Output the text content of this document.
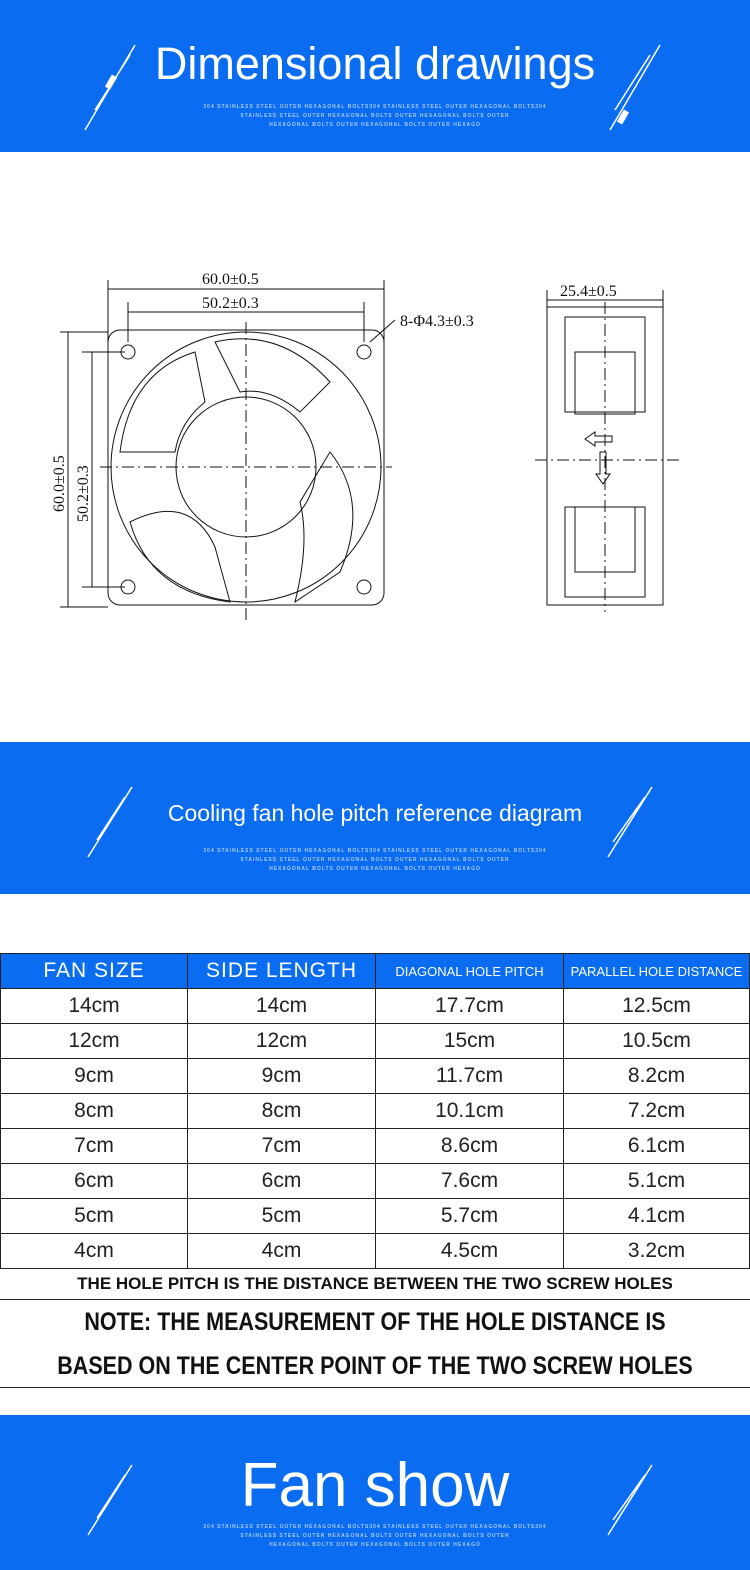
Dimensional drawings
304 STAINLESS STEEL OUTER HEXAGONAL BOLTS304 STAINLESS STEEL OUTER HEXAGONAL BOLTS304
STAINLESS STEEL OUTER HEXAGONAL BOLTS OUTER HEXAGONAL BOLTS OUTER
HEXAGONAL BOLTS OUTER HEXAGONAL BOLTS OUTER HEXAGO
60.0±0.5
50.2±0.3
8-Φ4.3±0.3
60.0±0.5 50.2±0.3
25.4±0.5
Cooling fan hole pitch reference diagram
304 STAINLESS STEEL OUTER HEXAGONAL BOLTS304 STAINLESS STEEL OUTER HEXAGONAL BOLTS304
STAINLESS STEEL OUTER HEXAGONAL BOLTS OUTER HEXAGONAL BOLTS OUTER
HEXAGONAL BOLTS OUTER HEXAGONAL BOLTS OUTER HEXAGO
FAN SIZE	SIDE LENGTH	DIAGONAL HOLE PITCH	PARALLEL HOLE DISTANCE
14cm	14cm	17.7cm	12.5cm
12cm	12cm	15cm	10.5cm
9cm	9cm	11.7cm	8.2cm
8cm	8cm	10.1cm	7.2cm
7cm	7cm	8.6cm	6.1cm
6cm	6cm	7.6cm	5.1cm
5cm	5cm	5.7cm	4.1cm
4cm	4cm	4.5cm	3.2cm
THE HOLE PITCH IS THE DISTANCE BETWEEN THE TWO SCREW HOLES
NOTE: THE MEASUREMENT OF THE HOLE DISTANCE IS
BASED ON THE CENTER POINT OF THE TWO SCREW HOLES
Fan show
304 STAINLESS STEEL OUTER HEXAGONAL BOLTS304 STAINLESS STEEL OUTER HEXAGONAL BOLTS304
STAINLESS STEEL OUTER HEXAGONAL BOLTS OUTER HEXAGONAL BOLTS OUTER
HEXAGONAL BOLTS OUTER HEXAGONAL BOLTS OUTER HEXAGO
